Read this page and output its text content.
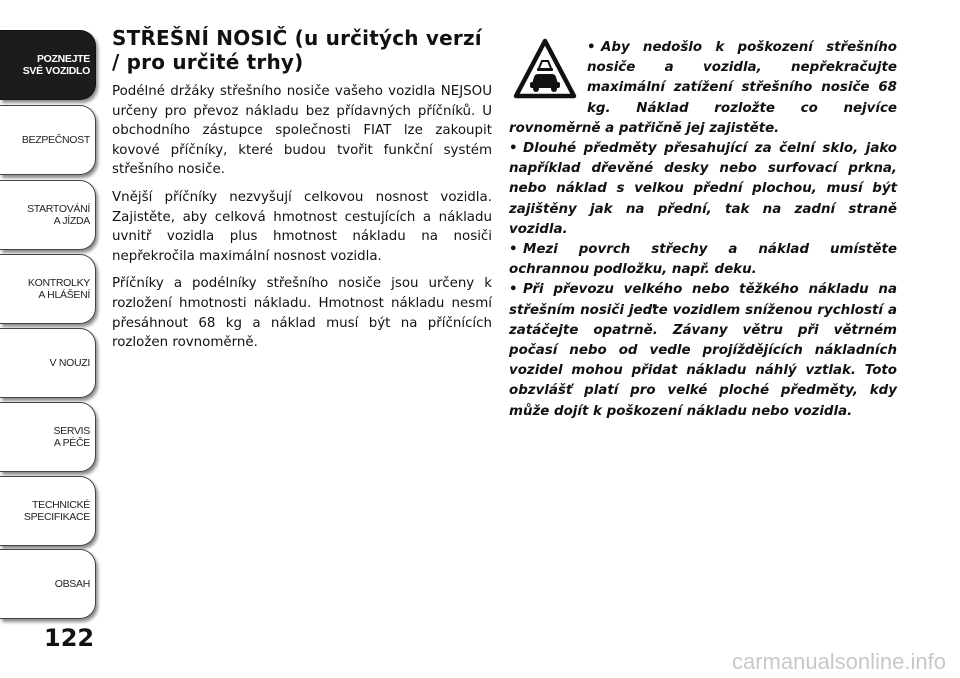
POZNEJTE
SVÉ VOZIDLO
BEZPEČNOST
STARTOVÁNÍ
A JÍZDA
KONTROLKY
A HLÁŠENÍ
V NOUZI
SERVIS
A PÉČE
TECHNICKÉ
SPECIFIKACE
OBSAH
122
STŘEŠNÍ NOSIČ (u určitých verzí / pro určité trhy)

Podélné držáky střešního nosiče vašeho vozidla NEJSOU určeny pro převoz nákladu bez přídavných příčníků. U obchodního zástupce společnosti FIAT lze zakoupit kovové příčníky, které budou tvořit funkční systém střešního nosiče.

Vnější příčníky nezvyšují celkovou nosnost vozidla. Zajistěte, aby celková hmotnost cestujících a nákladu uvnitř vozidla plus hmotnost nákladu na nosiči nepřekročila maximální nosnost vozidla.

Příčníky a podélníky střešního nosiče jsou určeny k rozložení hmotnosti nákladu. Hmotnost nákladu nesmí přesáhnout 68 kg a náklad musí být na příčnících rozložen rovnoměrně.

• Aby nedošlo k poškození střešního nosiče a vozidla, nepřekračujte maximální zatížení střešního nosiče 68 kg. Náklad rozložte co nejvíce rovnoměrně a patřičně jej zajistěte.

• Dlouhé předměty přesahující za čelní sklo, jako například dřevěné desky nebo surfovací prkna, nebo náklad s velkou přední plochou, musí být zajištěny jak na přední, tak na zadní straně vozidla.

• Mezi povrch střechy a náklad umístěte ochrannou podložku, např. deku.

• Při převozu velkého nebo těžkého nákladu na střešním nosiči jeďte vozidlem sníženou rychlostí a zatáčejte opatrně. Závany větru při větrném počasí nebo od vedle projíždějících nákladních vozidel mohou přidat nákladu náhlý vztlak. Toto obzvlášť platí pro velké ploché předměty, kdy může dojít k poškození nákladu nebo vozidla.

carmanualsonline.info
